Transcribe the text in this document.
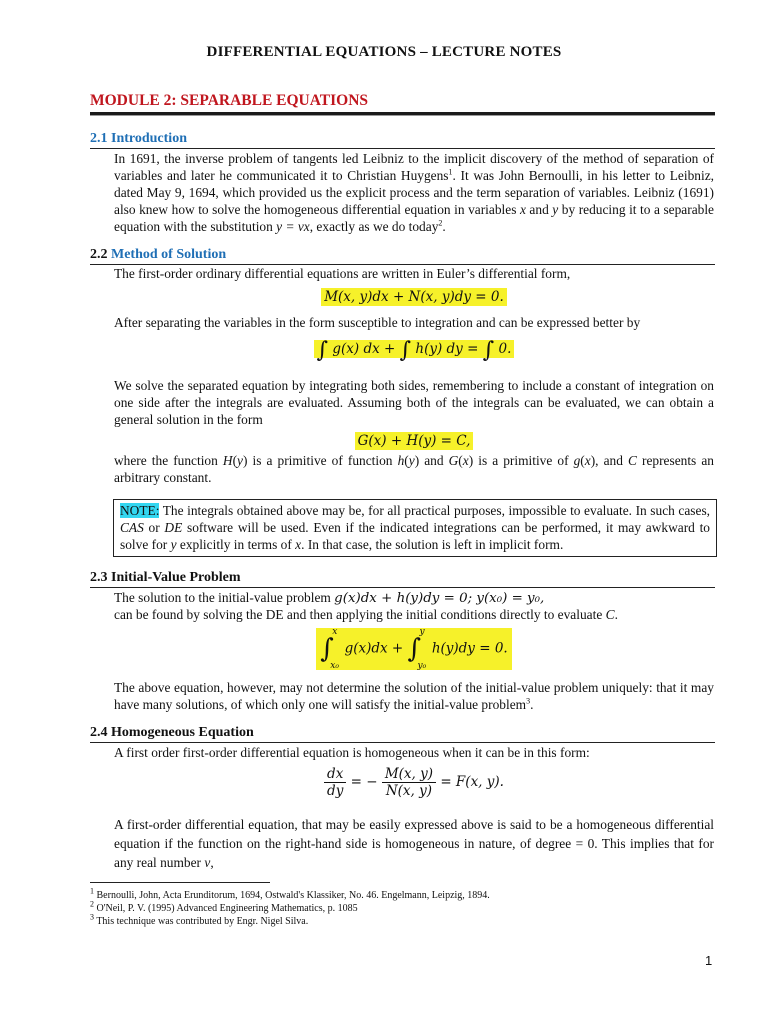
DIFFERENTIAL EQUATIONS – LECTURE NOTES
MODULE 2: SEPARABLE EQUATIONS
2.1 Introduction
In 1691, the inverse problem of tangents led Leibniz to the implicit discovery of the method of separation of variables and later he communicated it to Christian Huygens$^1$. It was John Bernoulli, in his letter to Leibniz, dated May 9, 1694, which provided us the explicit process and the term separation of variables. Leibniz (1691) also knew how to solve the homogeneous differential equation in variables x and y by reducing it to a separable equation with the substitution y = vx, exactly as we do today$^2$.
2.2 Method of Solution
The first-order ordinary differential equations are written in Euler’s differential form,
M(x, y)dx + N(x, y)dy = 0.
After separating the variables in the form susceptible to integration and can be expressed better by
∫ g(x) dx + ∫ h(y) dy = ∫ 0.
We solve the separated equation by integrating both sides, remembering to include a constant of integration on one side after the integrals are evaluated. Assuming both of the integrals can be evaluated, we can obtain a general solution in the form
G(x) + H(y) = C,
where the function H(y) is a primitive of function h(y) and G(x) is a primitive of g(x), and C represents an arbitrary constant.
NOTE: The integrals obtained above may be, for all practical purposes, impossible to evaluate. In such cases, CAS or DE software will be used. Even if the indicated integrations can be performed, it may awkward to solve for y explicitly in terms of x. In that case, the solution is left in implicit form.
2.3 Initial-Value Problem
The solution to the initial-value problem g(x)dx + h(y)dy = 0; y(x₀) = y₀,
can be found by solving the DE and then applying the initial conditions directly to evaluate C.
∫
x
x₀
g(x)dx + ∫
y
y₀
h(y)dy = 0.
The above equation, however, may not determine the solution of the initial-value problem uniquely: that it may have many solutions, of which only one will satisfy the initial-value problem$^3$.
2.4 Homogeneous Equation
A first order first-order differential equation is homogeneous when it can be in this form:
$\frac{dx}{dy}$ = − $\frac{M(x, y)}{N(x, y)} = F(x$, y).
A first-order differential equation, that may be easily expressed above is said to be a homogeneous differential equation if the function on the right-hand side is homogeneous in nature, of degree = 0. This implies that for any real number v,
$^1$ Bernoulli, John, Acta Erunditorum, 1694, Ostwald's Klassiker, No. 46. Engelmann, Leipzig, 1894.
$^2$ O'Neil, P. V. (1995) Advanced Engineering Mathematics, p. 1085
$^3$ This technique was contributed by Engr. Nigel Silva.
1
